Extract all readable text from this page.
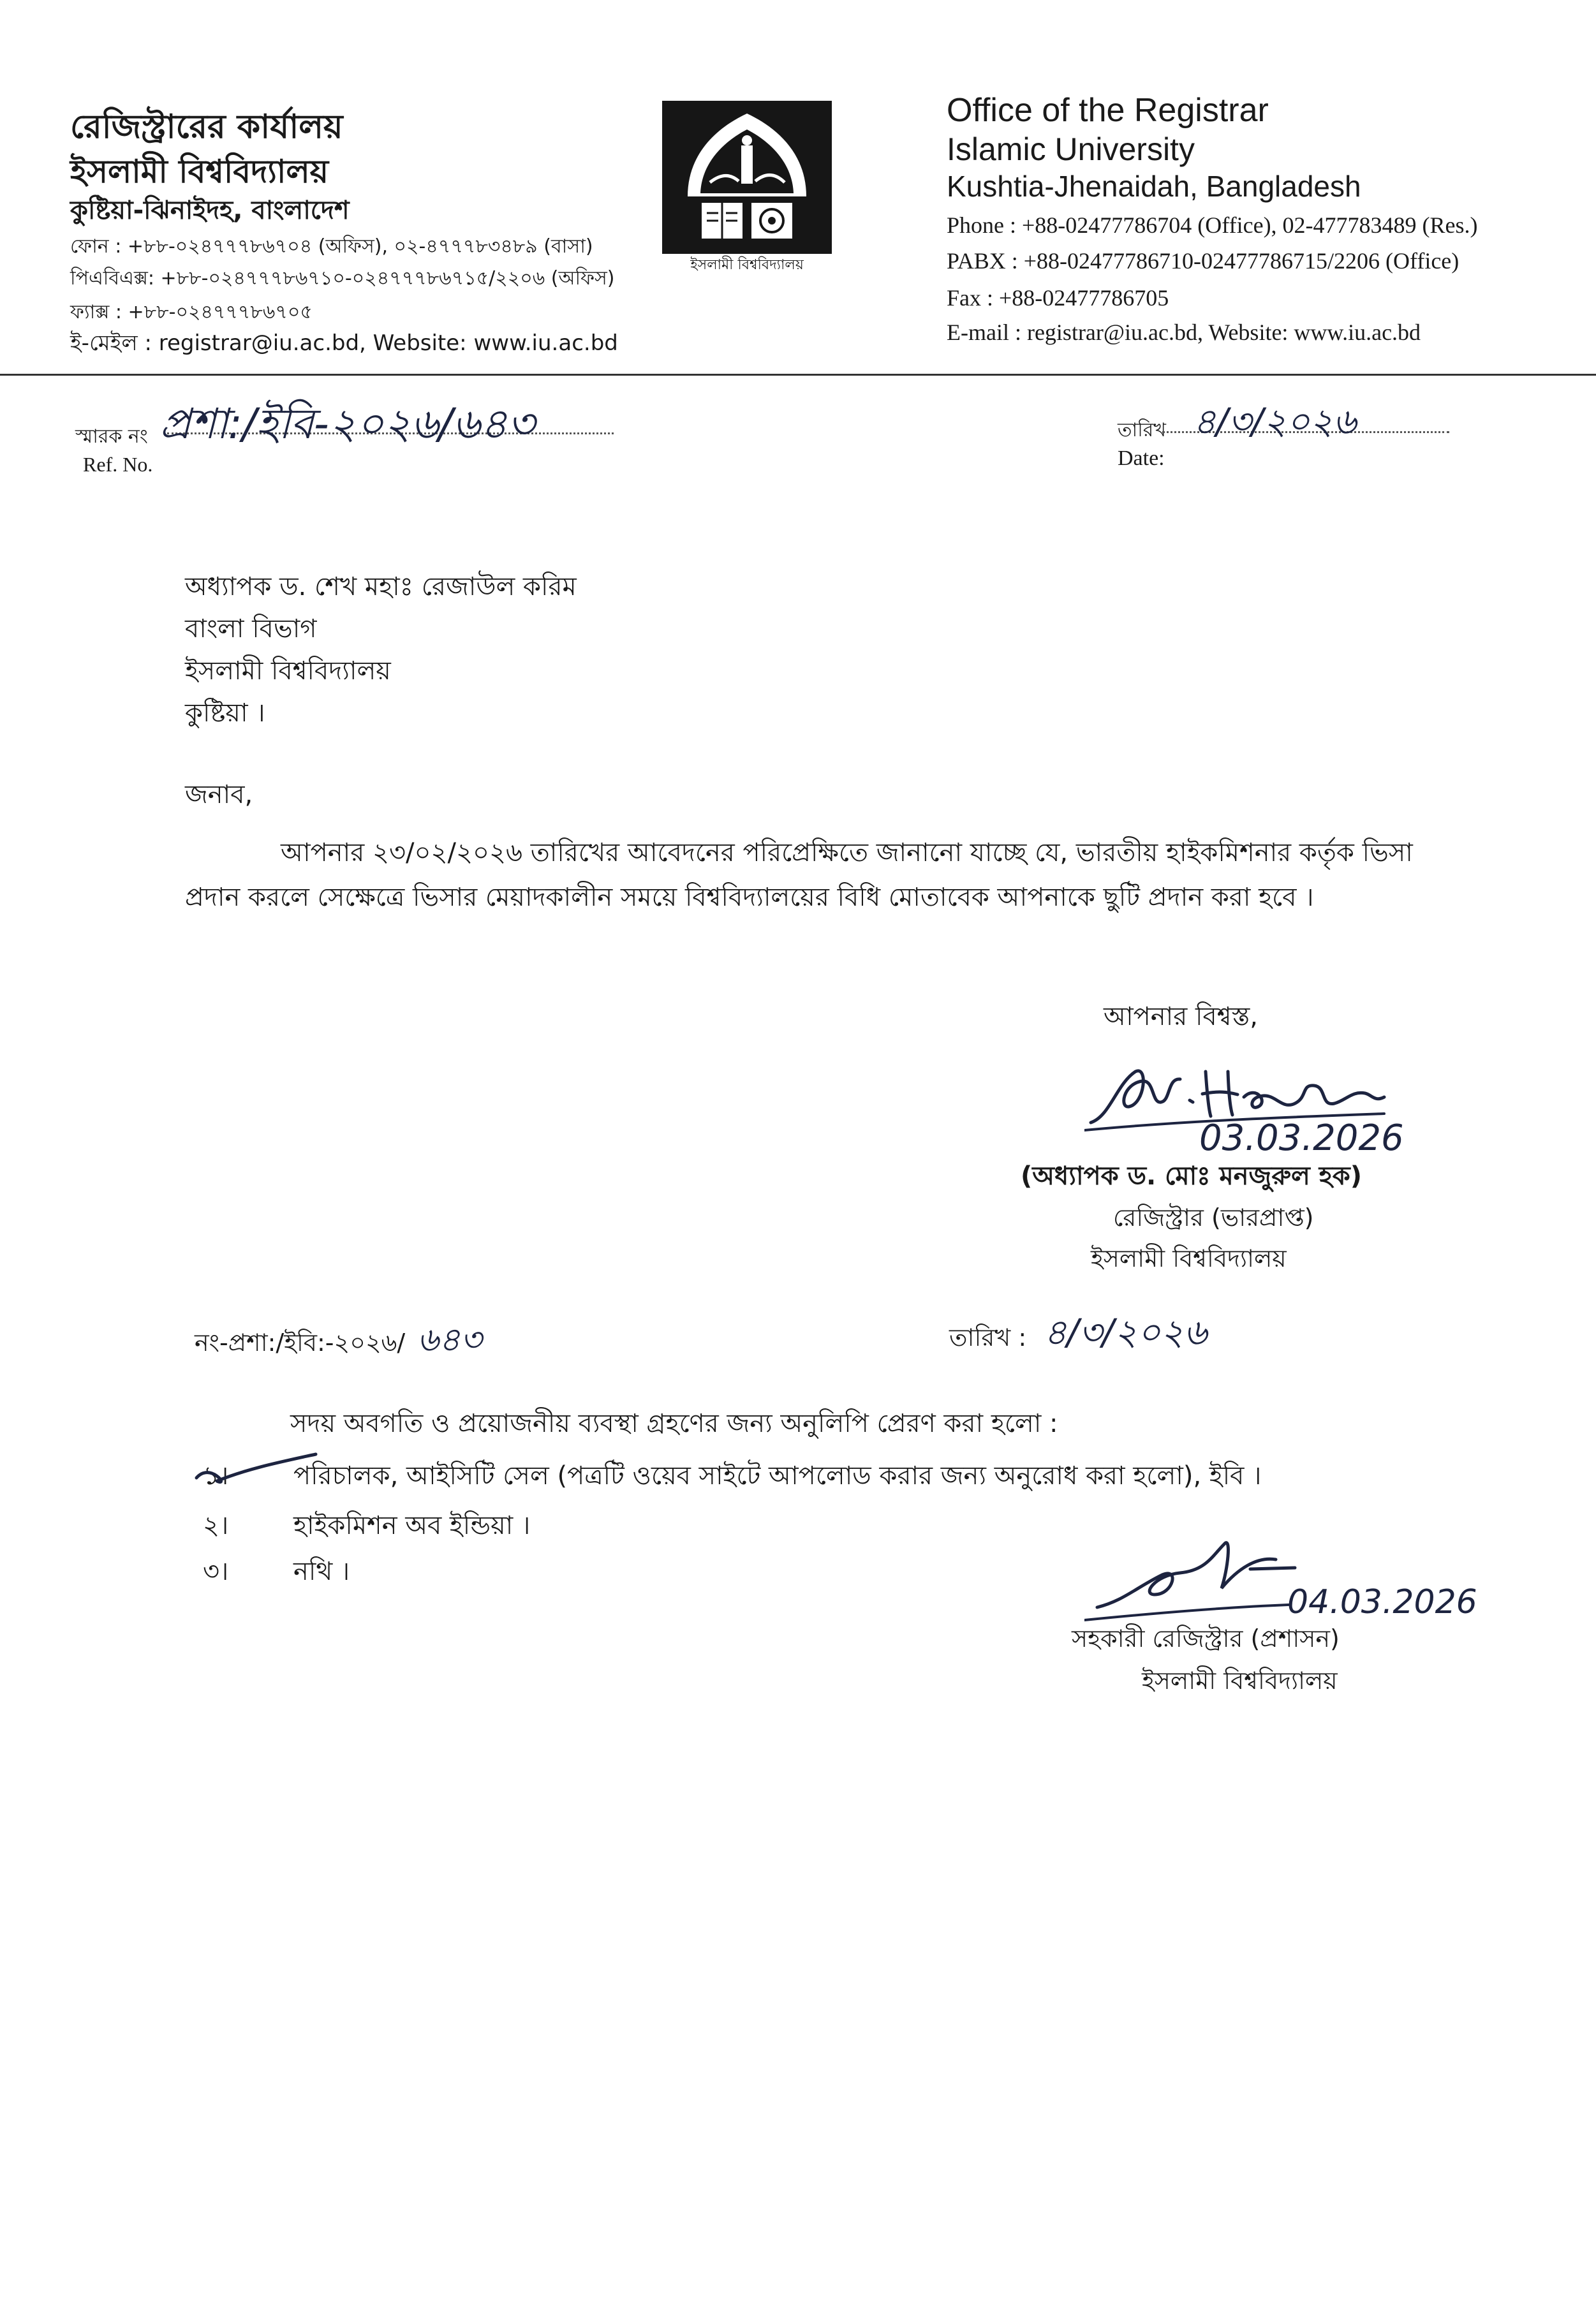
রেজিস্ট্রারের কার্যালয়
ইসলামী বিশ্ববিদ্যালয়
কুষ্টিয়া-ঝিনাইদহ, বাংলাদেশ
ফোন : +৮৮-০২৪৭৭৭৮৬৭০৪ (অফিস), ০২-৪৭৭৭৮৩৪৮৯ (বাসা)
পিএবিএক্স: +৮৮-০২৪৭৭৭৮৬৭১০-০২৪৭৭৭৮৬৭১৫/২২০৬ (অফিস)
ফ্যাক্স : +৮৮-০২৪৭৭৭৮৬৭০৫
ই-মেইল : registrar@iu.ac.bd, Website: www.iu.ac.bd
ইসলামী বিশ্ববিদ্যালয়
Office of the Registrar
Islamic University
Kushtia-Jhenaidah, Bangladesh
Phone : +88-02477786704 (Office), 02-477783489 (Res.)
PABX : +88-02477786710-02477786715/2206 (Office)
Fax : +88-02477786705
E-mail : registrar@iu.ac.bd, Website: www.iu.ac.bd
স্মারক নং
Ref. No.
প্রশা:/ইবি-২০২৬/৬৪৩	তারিখ
Date:
৪/৩/২০২৬
অধ্যাপক ড. শেখ মহাঃ রেজাউল করিম
বাংলা বিভাগ
ইসলামী বিশ্ববিদ্যালয়
কুষ্টিয়া ।
জনাব,
আপনার ২৩/০২/২০২৬ তারিখের আবেদনের পরিপ্রেক্ষিতে জানানো যাচ্ছে যে, ভারতীয় হাইকমিশনার কর্তৃক ভিসা প্রদান করলে সেক্ষেত্রে ভিসার মেয়াদকালীন সময়ে বিশ্ববিদ্যালয়ের বিধি মোতাবেক আপনাকে ছুটি প্রদান করা হবে ।
আপনার বিশ্বস্ত,
03.03.2026
(অধ্যাপক ড. মোঃ মনজুরুল হক)
রেজিস্ট্রার (ভারপ্রাপ্ত)
ইসলামী বিশ্ববিদ্যালয়
নং-প্রশা:/ইবি:-২০২৬/ ৬৪৩	তারিখ : ৪/৩/২০২৬
সদয় অবগতি ও প্রয়োজনীয় ব্যবস্থা গ্রহণের জন্য অনুলিপি প্রেরণ করা হলো :
১।	পরিচালক, আইসিটি সেল (পত্রটি ওয়েব সাইটে আপলোড করার জন্য অনুরোধ করা হলো), ইবি ।
২।	হাইকমিশন অব ইন্ডিয়া ।
৩।	নথি ।
04.03.2026
সহকারী রেজিস্ট্রার (প্রশাসন)
ইসলামী বিশ্ববিদ্যালয়
